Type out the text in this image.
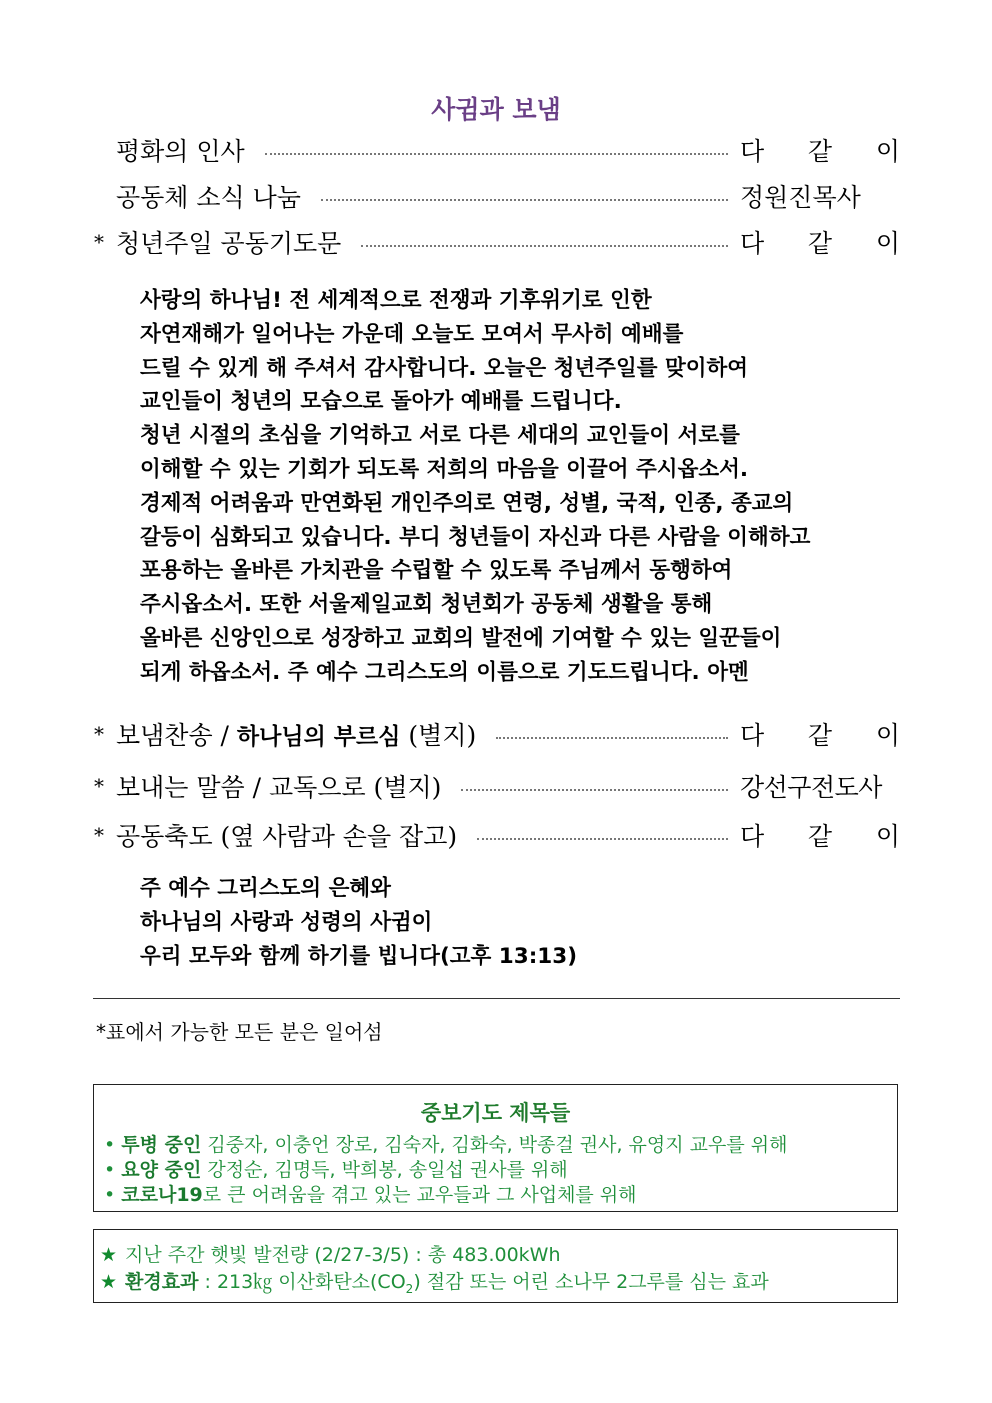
사귐과 보냄
평화의 인사	다 같 이
공동체 소식 나눔	정원진목사
* 청년주일 공동기도문	다 같 이
사랑의 하나님! 전 세계적으로 전쟁과 기후위기로 인한
자연재해가 일어나는 가운데 오늘도 모여서 무사히 예배를
드릴 수 있게 해 주셔서 감사합니다. 오늘은 청년주일를 맞이하여
교인들이 청년의 모습으로 돌아가 예배를 드립니다.
청년 시절의 초심을 기억하고 서로 다른 세대의 교인들이 서로를
이해할 수 있는 기회가 되도록 저희의 마음을 이끌어 주시옵소서.
경제적 어려움과 만연화된 개인주의로 연령, 성별, 국적, 인종, 종교의
갈등이 심화되고 있습니다. 부디 청년들이 자신과 다른 사람을 이해하고
포용하는 올바른 가치관을 수립할 수 있도록 주님께서 동행하여
주시옵소서. 또한 서울제일교회 청년회가 공동체 생활을 통해
올바른 신앙인으로 성장하고 교회의 발전에 기여할 수 있는 일꾼들이
되게 하옵소서. 주 예수 그리스도의 이름으로 기도드립니다. 아멘
* 보냄찬송 / 하나님의 부르심 (별지)	다 같 이
* 보내는 말씀 / 교독으로 (별지)	강선구전도사
* 공동축도 (옆 사람과 손을 잡고)	다 같 이
주 예수 그리스도의 은혜와
하나님의 사랑과 성령의 사귐이
우리 모두와 함께 하기를 빕니다(고후 13:13)
*표에서 가능한 모든 분은 일어섬
중보기도 제목들
• 투병 중인 김중자, 이충언 장로, 김숙자, 김화숙, 박종걸 권사, 유영지 교우를 위해
• 요양 중인 강정순, 김명득, 박희봉, 송일섭 권사를 위해
• 코로나19로 큰 어려움을 겪고 있는 교우들과 그 사업체를 위해
★ 지난 주간 햇빛 발전량 (2/27-3/5) : 총 483.00kWh
★ 환경효과 : 213㎏ 이산화탄소$(CO_2)$ 절감 또는 어린 소나무 2그루를 심는 효과
